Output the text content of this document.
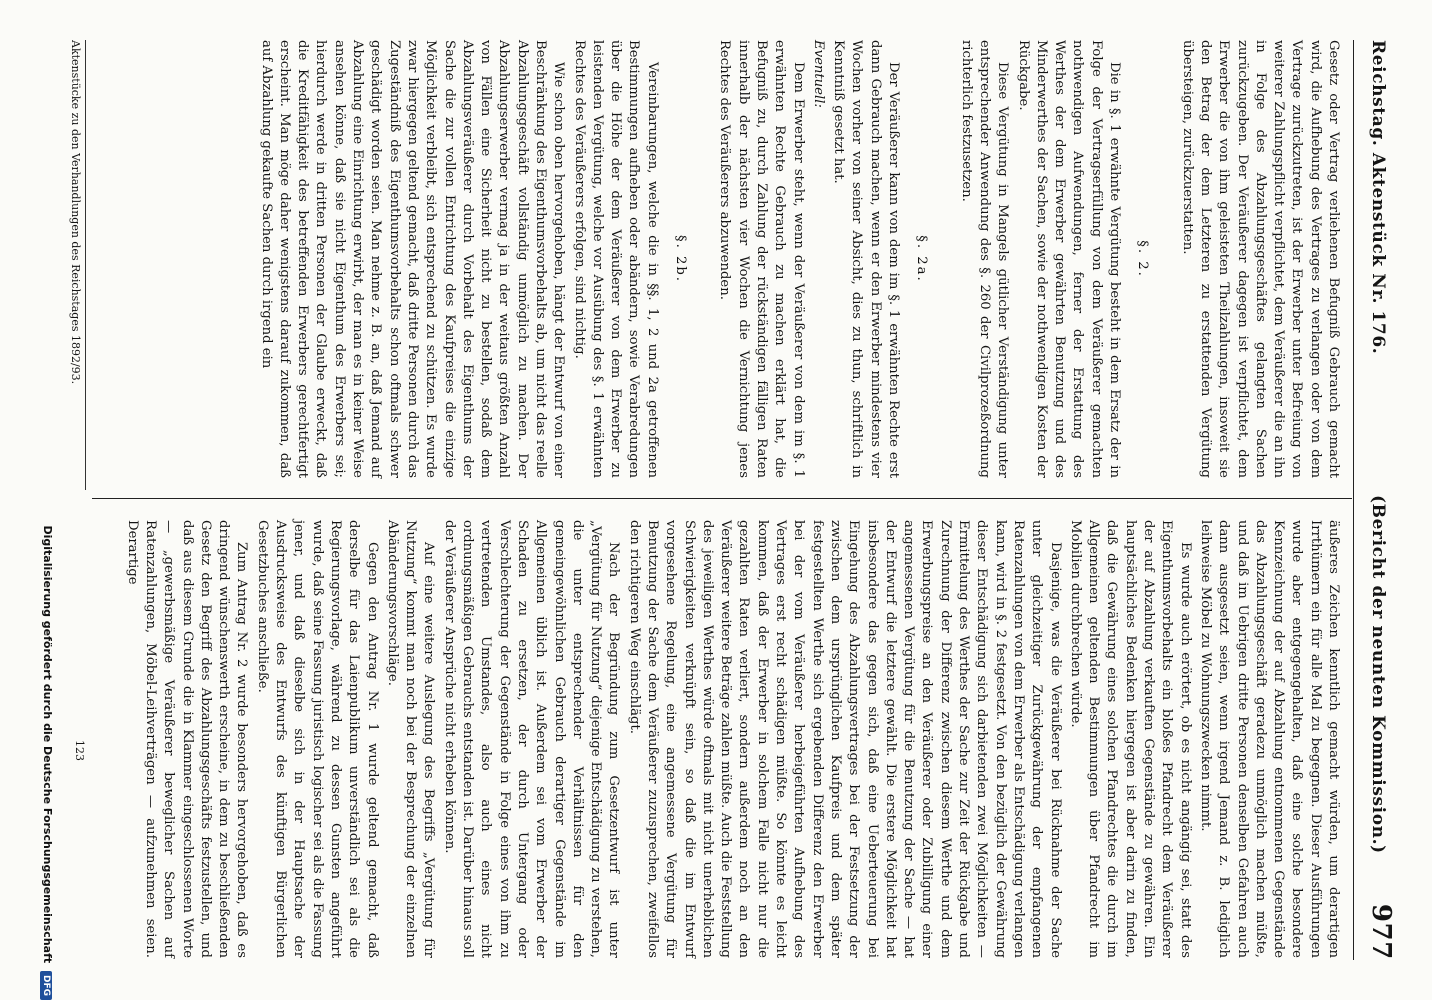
Reichstag. Aktenstück Nr. 176.
(Bericht der neunten Kommission.)
977

Gesetz oder Vertrag verliehenen Befugniß Gebrauch gemacht wird, die Aufhebung des Vertrages zu verlangen oder von dem Vertrage zurückzutreten, ist der Erwerber unter Befreiung von weiterer Zahlungspflicht verpflichtet, dem Veräußerer die an ihn in Folge des Abzahlungsgeschäftes gelangten Sachen zurückzugeben. Der Veräußerer dagegen ist verpflichtet, dem Erwerber die von ihm geleisteten Theilzahlungen, insoweit sie den Betrag der dem Letzteren zu erstattenden Vergütung übersteigen, zurückzuerstatten.

§. 2.

Die in §. 1 erwähnte Vergütung besteht in dem Ersatz der in Folge der Vertragserfüllung von dem Veräußerer gemachten nothwendigen Aufwendungen, ferner der Erstattung des Werthes der dem Erwerber gewährten Benutzung und des Minderwerthes der Sachen, sowie der nothwendigen Kosten der Rückgabe.

Diese Vergütung in Mangels gütlicher Verständigung unter entsprechender Anwendung des §. 260 der Civilprozeßordnung richterlich festzusetzen.

§. 2a.

Der Veräußerer kann von dem im §. 1 erwähnten Rechte erst dann Gebrauch machen, wenn er den Erwerber mindestens vier Wochen vorher von seiner Absicht, dies zu thun, schriftlich in Kenntniß gesetzt hat.

Eventuell:

Dem Erwerber steht, wenn der Veräußerer von dem im §. 1 erwähnten Rechte Gebrauch zu machen erklärt hat, die Befugniß zu, durch Zahlung der rückständigen fälligen Raten innerhalb der nächsten vier Wochen die Vernichtung jenes Rechtes des Veräußerers abzuwenden.

§. 2b.

Vereinbarungen, welche die in §§. 1, 2 und 2a getroffenen Bestimmungen aufheben oder abändern, sowie Verabredungen über die Höhe der dem Veräußerer von dem Erwerber zu leistenden Vergütung, welche vor Ausübung des §. 1 erwähnten Rechtes des Veräußerers erfolgen, sind nichtig.

Wie schon oben hervorgehoben, hängt der Entwurf von einer Beschränkung des Eigenthumsvorbehalts ab, um nicht das reelle Abzahlungsgeschäft vollständig unmöglich zu machen. Der Abzahlungserwerber vermag ja in der weitaus größten Anzahl von Fällen eine Sicherheit nicht zu bestellen, sodaß dem Abzahlungsveräußerer durch Vorbehalt des Eigenthums der Sache die zur vollen Entrichtung des Kaufpreises die einzige Möglichkeit verbleibt, sich entsprechend zu schützen. Es wurde zwar hiergegen geltend gemacht, daß dritte Personen durch das Zugeständniß des Eigenthumsvorbehalts schon oftmals schwer geschädigt worden seien. Man nehme z. B. an, daß Jemand auf Abzahlung eine Einrichtung erwirbt, der man es in keiner Weise ansehen könne, daß sie nicht Eigenthum des Erwerbers sei; hierdurch werde in dritten Personen der Glaube erweckt, daß die Kreditfähigkeit des betreffenden Erwerbers gerechtfertigt erscheint. Man möge daher wenigstens darauf zukommen, daß auf Abzahlung gekaufte Sachen durch irgend ein

äußeres Zeichen kenntlich gemacht würden, um derartigen Irrthümern ein für alle Mal zu begegnen. Dieser Ausführungen wurde aber entgegengehalten, daß eine solche besondere Kennzeichnung der auf Abzahlung entnommenen Gegenstände das Abzahlungsgeschäft geradezu unmöglich machen müßte, und daß im Uebrigen dritte Personen denselben Gefahren auch dann ausgesetzt seien, wenn irgend Jemand z. B. lediglich leihweise Möbel zu Wohnungszwecken nimmt.

Es wurde auch erörtert, ob es nicht angängig sei, statt des Eigenthumsvorbehalts ein bloßes Pfandrecht dem Veräußerer der auf Abzahlung verkauften Gegenstände zu gewähren. Ein hauptsächliches Bedenken hiergegen ist aber darin zu finden, daß die Gewährung eines solchen Pfandrechtes die durch im Allgemeinen geltenden Bestimmungen über Pfandrecht im Mobilien durchbrechen würde.

Dasjenige, was die Veräußerer bei Rücknahme der Sache unter gleichzeitiger Zurückgewährung der empfangenen Ratenzahlungen von dem Erwerber als Entschädigung verlangen kann, wird in §. 2 festgesetzt. Von den bezüglich der Gewährung dieser Entschädigung sich darbietenden zwei Möglichkeiten — Ermittelung des Werthes der Sache zur Zeit der Rückgabe und Zurechnung der Differenz zwischen diesem Werthe und dem Erwerbungspreise an den Veräußerer oder Zubilligung einer angemessenen Vergütung für die Benutzung der Sache — hat der Entwurf die letztere gewählt. Die erstere Möglichkeit hat insbesondere das gegen sich, daß eine Ueberteuerung bei Eingehung des Abzahlungsvertrages bei der Festsetzung der zwischen dem ursprünglichen Kaufpreis und dem später festgestellten Werthe sich ergebenden Differenz den Erwerber bei der vom Veräußerer herbeigeführten Aufhebung des Vertrages erst recht schädigen müßte. So könnte es leicht kommen, daß der Erwerber in solchem Falle nicht nur die gezahlten Raten verliert, sondern außerdem noch an den Veräußerer weitere Beträge zahlen müßte. Auch die Feststellung des jeweiligen Werthes würde oftmals mit nicht unerheblichen Schwierigkeiten verknüpft sein, so daß die im Entwurf vorgesehene Regelung, eine angemessene Vergütung für Benutzung der Sache dem Veräußerer zuzusprechen, zweifellos den richtigeren Weg einschlägt.

Nach der Begründung zum Gesetzentwurf ist unter „Vergütung für Nutzung“ diejenige Entschädigung zu verstehen, die unter entsprechender Verhältnissen für den gemeingewöhnlichen Gebrauch derartiger Gegenstände im Allgemeinen üblich ist. Außerdem sei vom Erwerber der Schaden zu ersetzen, der durch Untergang oder Verschlechterung der Gegenstände in Folge eines von ihm zu vertretenden Umstandes, also auch eines nicht ordnungsmäßigen Gebrauchs entstanden ist. Darüber hinaus soll der Veräußerer Ansprüche nicht erheben können.

Auf eine weitere Auslegung des Begriffs „Vergütung für Nutzung“ kommt man noch bei der Besprechung der einzelnen Abänderungsvorschläge.

Gegen den Antrag Nr. 1 wurde geltend gemacht, daß derselbe für das Laienpublikum unverständlich sei als die Regierungsvorlage, während zu dessen Gunsten angeführt wurde, daß seine Fassung juristisch logischer sei als die Fassung jener, und daß dieselbe sich in der Hauptsache der Ausdrucksweise des Entwurfs des künftigen Bürgerlichen Gesetzbuches anschließe.

Zum Antrag Nr. 2 wurde besonders hervorgehoben, daß es dringend wünschenswerth erscheine, in dem zu beschließenden Gesetz den Begriff des Abzahlungsgeschäfts festzustellen, und daß aus diesem Grunde die in Klammer eingeschlossenen Worte — „gewerbsmäßige Veräußerer beweglicher Sachen auf Ratenzahlungen, Möbel-Leihverträgen — aufzunehmen seien. Derartige

Aktenstücke zu den Verhandlungen des Reichstages 1892/93.
123
Digitalisierung gefördert durch die Deutsche Forschungsgemeinschaft DFG
